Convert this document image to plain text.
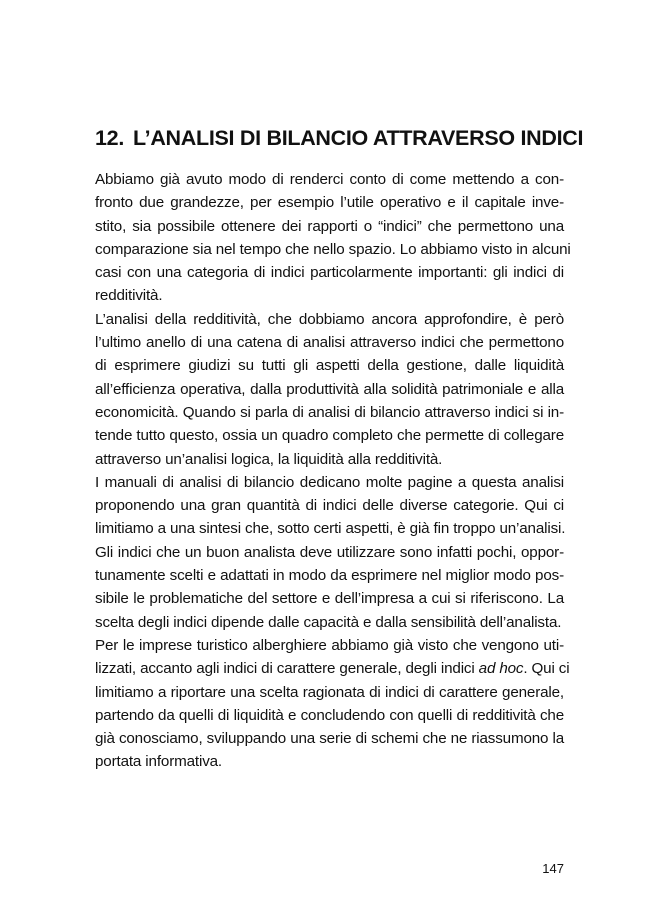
12. L’ANALISI DI BILANCIO ATTRAVERSO INDICI
Abbiamo già avuto modo di renderci conto di come mettendo a con-
fronto due grandezze, per esempio l’utile operativo e il capitale inve-
stito, sia possibile ottenere dei rapporti o “indici” che permettono una
comparazione sia nel tempo che nello spazio. Lo abbiamo visto in alcuni
casi con una categoria di indici particolarmente importanti: gli indici di
redditività.
L’analisi della redditività, che dobbiamo ancora approfondire, è però
l’ultimo anello di una catena di analisi attraverso indici che permettono
di esprimere giudizi su tutti gli aspetti della gestione, dalle liquidità
all’efficienza operativa, dalla produttività alla solidità patrimoniale e alla
economicità. Quando si parla di analisi di bilancio attraverso indici si in-
tende tutto questo, ossia un quadro completo che permette di collegare
attraverso un’analisi logica, la liquidità alla redditività.
I manuali di analisi di bilancio dedicano molte pagine a questa analisi
proponendo una gran quantità di indici delle diverse categorie. Qui ci
limitiamo a una sintesi che, sotto certi aspetti, è già fin troppo un’analisi.
Gli indici che un buon analista deve utilizzare sono infatti pochi, oppor-
tunamente scelti e adattati in modo da esprimere nel miglior modo pos-
sibile le problematiche del settore e dell’impresa a cui si riferiscono. La
scelta degli indici dipende dalle capacità e dalla sensibilità dell’analista.
Per le imprese turistico alberghiere abbiamo già visto che vengono uti-
lizzati, accanto agli indici di carattere generale, degli indici ad hoc. Qui ci
limitiamo a riportare una scelta ragionata di indici di carattere generale,
partendo da quelli di liquidità e concludendo con quelli di redditività che
già conosciamo, sviluppando una serie di schemi che ne riassumono la
portata informativa.
147
